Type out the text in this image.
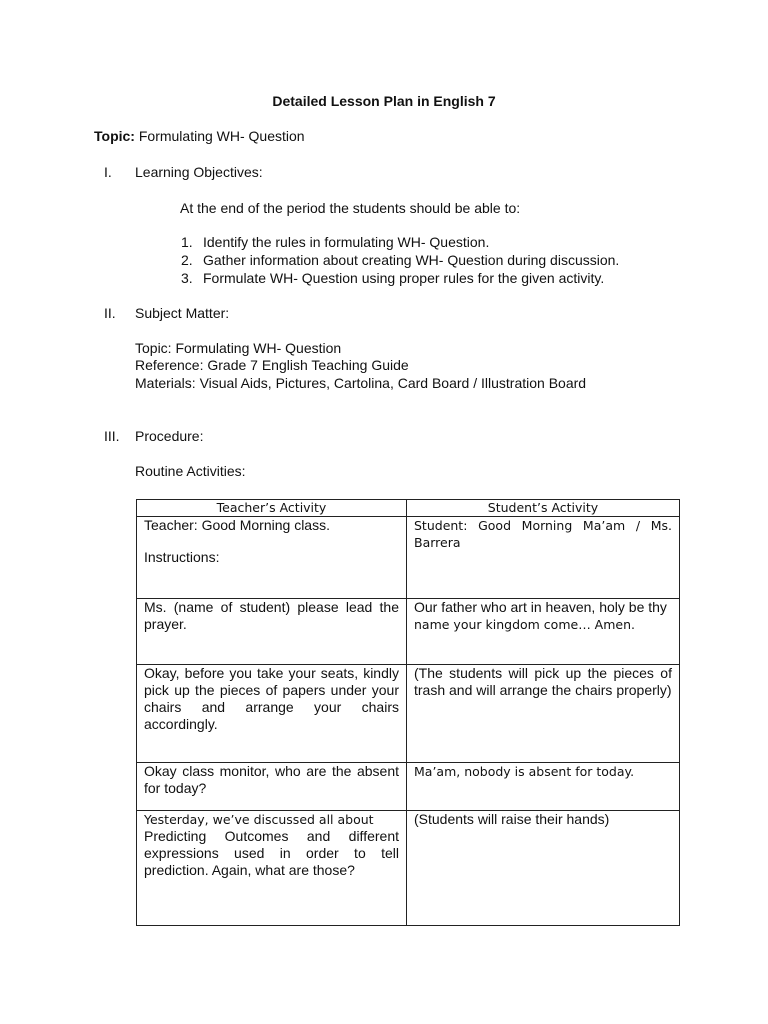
Detailed Lesson Plan in English 7
Topic: Formulating WH- Question
I. Learning Objectives:
At the end of the period the students should be able to:
1. Identify the rules in formulating WH- Question.
2. Gather information about creating WH- Question during discussion.
3. Formulate WH- Question using proper rules for the given activity.
II. Subject Matter:
Topic: Formulating WH- Question
Reference: Grade 7 English Teaching Guide
Materials: Visual Aids, Pictures, Cartolina, Card Board / Illustration Board
III. Procedure:
Routine Activities:
Teacher’s Activity	Student’s Activity

Teacher: Good Morning class.
Instructions:	Student: Good Morning Ma’am / Ms. Barrera
Ms. (name of student) please lead the prayer.	Our father who art in heaven, holy be thy
name your kingdom come… Amen.

Okay, before you take your seats, kindly pick up the pieces of papers under your chairs and arrange your chairs accordingly.	(The students will pick up the pieces of trash and will arrange the chairs properly)
Okay class monitor, who are the absent for today?	Ma’am, nobody is absent for today.

Yesterday, we’ve discussed all about
Predicting Outcomes and different expressions used in order to tell prediction. Again, what are those?	(Students will raise their hands)
